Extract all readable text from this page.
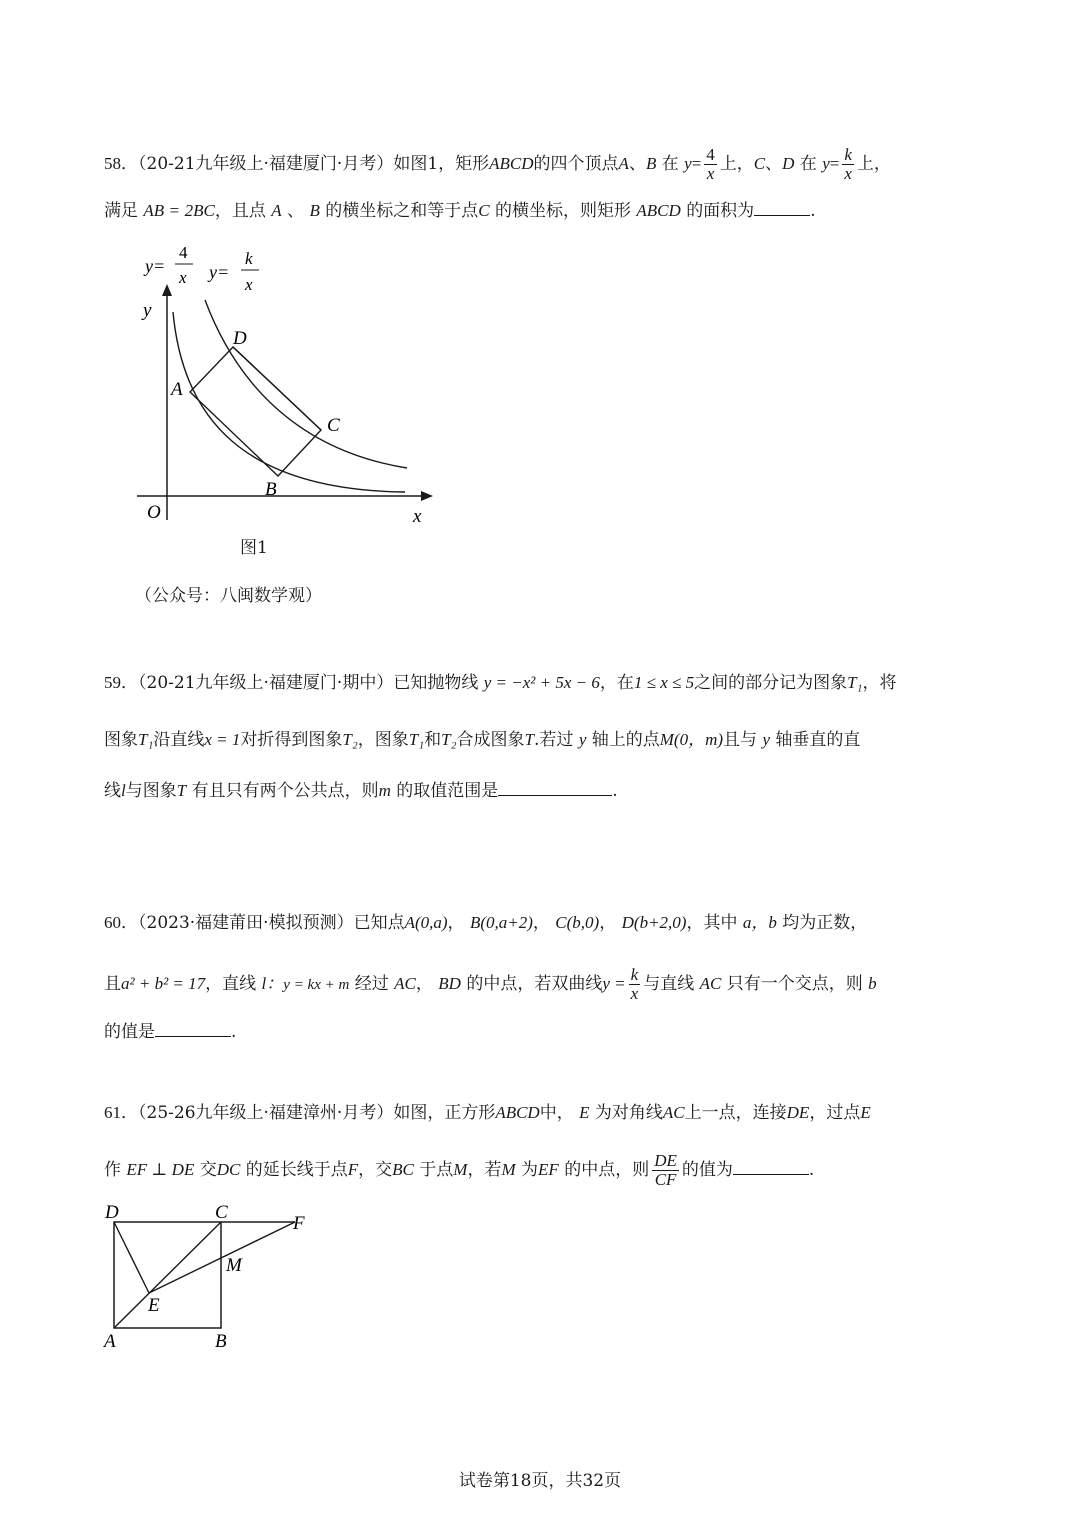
58．（20-21九年级上·福建厦门·月考）如图1，矩形ABCD的四个顶点A、B 在 $y= \frac{4}{x}$ 上，C、D 在 $y= \frac{k}{x}$ 上，
满足 AB = 2BC，且点 A 、 B 的横坐标之和等于点C 的横坐标，则矩形 ABCD 的面积为	.
y=
4
x y=
k
x
y
x
O
A
D
C
B
图1
（公众号：八闽数学观）
59．（20-21九年级上·福建厦门·期中）已知抛物线 y = −x² + 5x − 6，在1 ≤ x ≤ 5之间的部分记为图象T₁，将
图象T₁沿直线x = 1对折得到图象T₂，图象T₁和T₂合成图象T.若过 y 轴上的点M(0，m)且与 y 轴垂直的直
线l与图象T 有且只有两个公共点，则m 的取值范围是	.
60．（2023·福建莆田·模拟预测）已知点A(0,a)， B(0,a+2)， C(b,0)， D(b+2,0)，其中 a，b 均为正数，
且a² + b² = 17，直线 l：y = kx + m 经过 AC， BD 的中点，若双曲线$y = \frac{k}{x}$ 与直线 AC 只有一个交点，则 b
的值是	.
61．（25-26九年级上·福建漳州·月考）如图，正方形ABCD中， E 为对角线AC上一点，连接DE，过点E
作 EF ⊥ DE 交DC 的延长线于点F，交BC 于点M，若M 为EF 的中点，则 $\frac{DE}{CF}$ 的值为	.
D	C
F
M
E
A	B
试卷第18页，共32页
